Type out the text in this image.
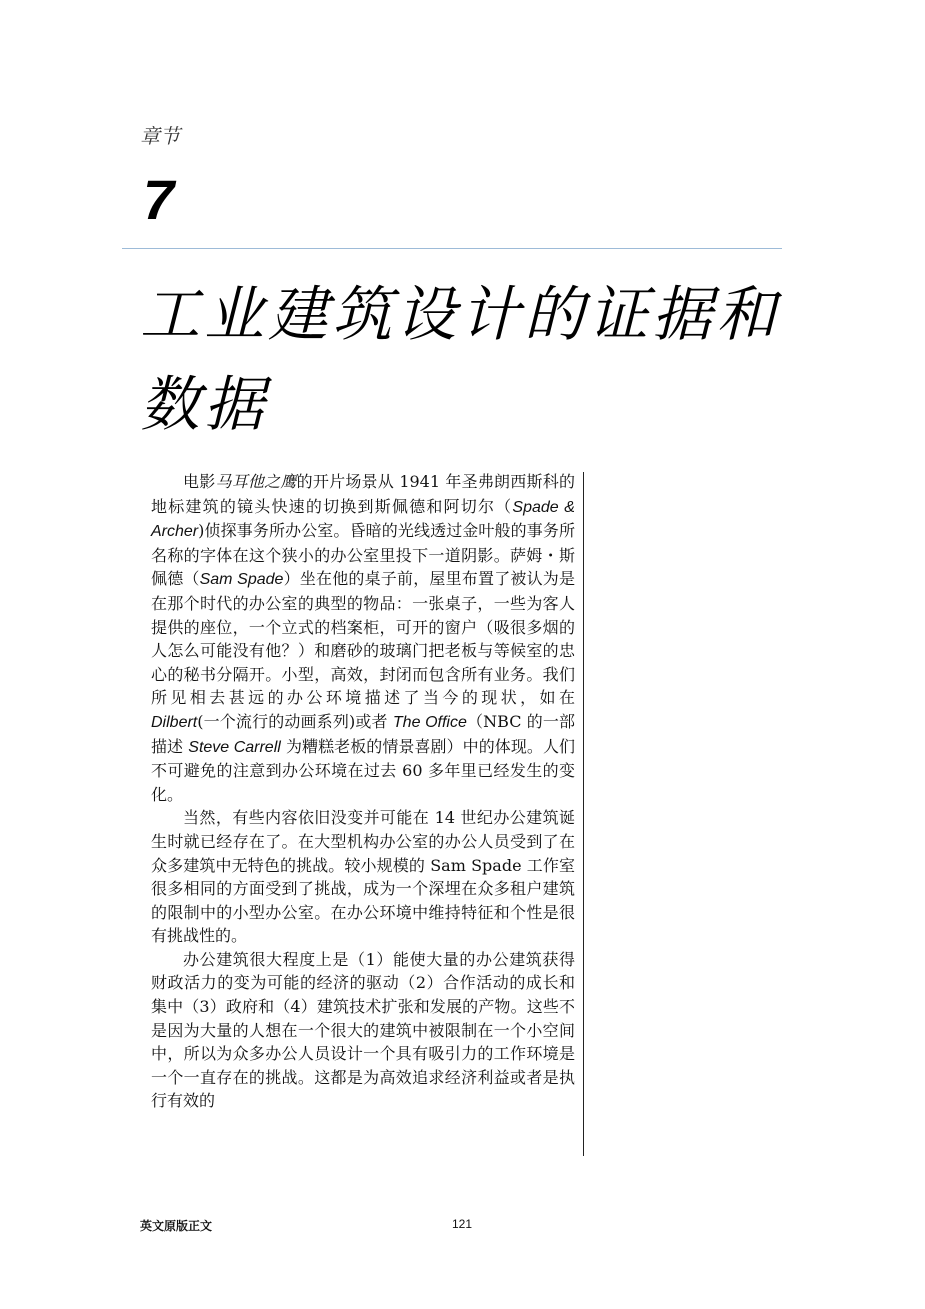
章节
7
工业建筑设计的证据和数据

电影马耳他之鹰的开片场景从 1941 年圣弗朗西斯科的地标建筑的镜头快速的切换到斯佩德和阿切尔（Spade & Archer)侦探事务所办公室。昏暗的光线透过金叶般的事务所名称的字体在这个狭小的办公室里投下一道阴影。萨姆・斯佩德（Sam Spade）坐在他的桌子前，屋里布置了被认为是在那个时代的办公室的典型的物品：一张桌子，一些为客人提供的座位，一个立式的档案柜，可开的窗户（吸很多烟的人怎么可能没有他？）和磨砂的玻璃门把老板与等候室的忠心的秘书分隔开。小型，高效，封闭而包含所有业务。我们所见相去甚远的办公环境描述了当今的现状，如在 Dilbert(一个流行的动画系列)或者 The Office（NBC 的一部描述 Steve Carrell 为糟糕老板的情景喜剧）中的体现。人们不可避免的注意到办公环境在过去 60 多年里已经发生的变化。

当然，有些内容依旧没变并可能在 14 世纪办公建筑诞生时就已经存在了。在大型机构办公室的办公人员受到了在众多建筑中无特色的挑战。较小规模的 Sam Spade 工作室很多相同的方面受到了挑战，成为一个深埋在众多租户建筑的限制中的小型办公室。在办公环境中维持特征和个性是很有挑战性的。

办公建筑很大程度上是（1）能使大量的办公建筑获得财政活力的变为可能的经济的驱动（2）合作活动的成长和集中（3）政府和（4）建筑技术扩张和发展的产物。这些不是因为大量的人想在一个很大的建筑中被限制在一个小空间中，所以为众多办公人员设计一个具有吸引力的工作环境是一个一直存在的挑战。这都是为高效追求经济利益或者是执行有效的

英文原版正文	121
